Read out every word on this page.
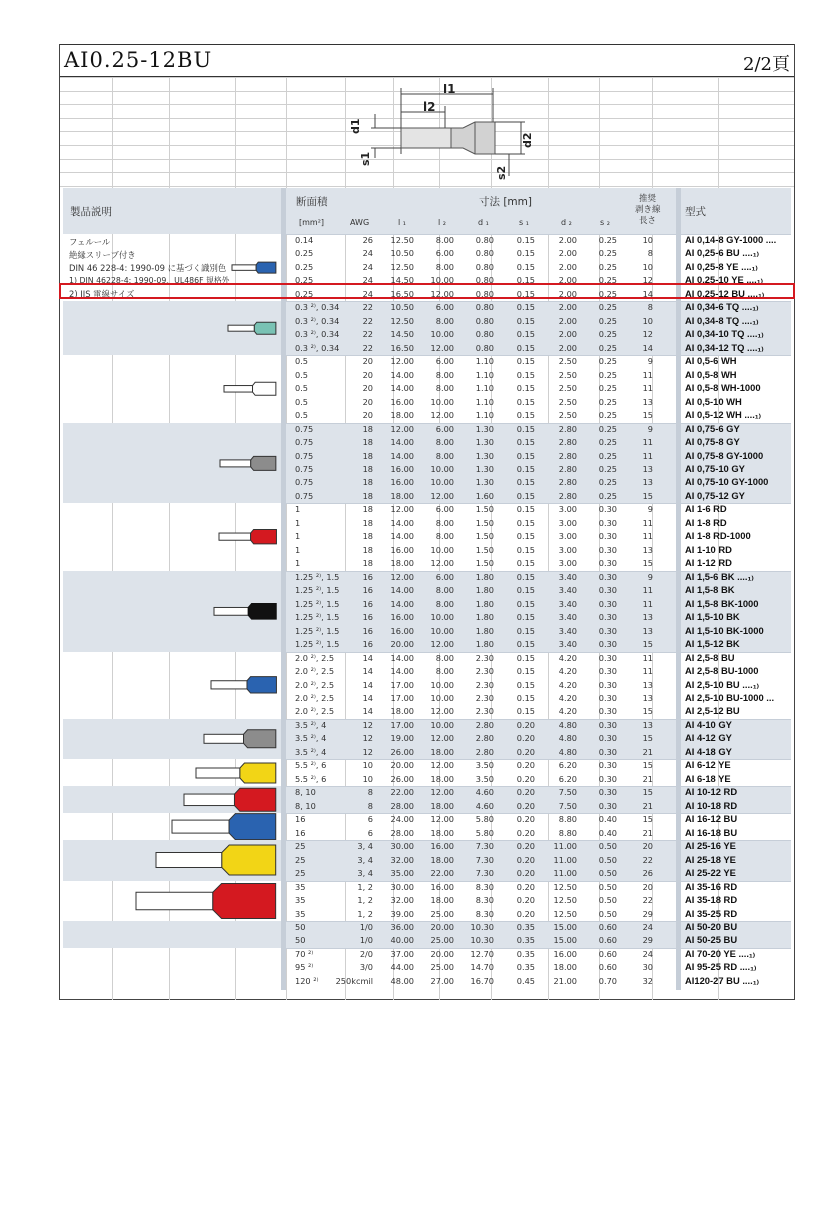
AI0.25-12BU	2/2頁
l1
l2
d1
s1
d2
s2
製品説明
断面積
[mm²]	AWG
寸法 [mm]
l ₁	l ₂	d ₁	s ₁	d ₂	s ₂
推奨
剥き線
長さ
型式
0.14	26 12.50	8.00	0.80	0.15	2.00	0.25	10	AI 0,14-8 GY-1000 ....
0.25	24 10.50	6.00	0.80	0.15	2.00	0.25	8	AI 0,25-6 BU ....₁₎
0.25	24 12.50	8.00	0.80	0.15	2.00	0.25	10	AI 0,25-8 YE ....₁₎
0.25	24 14.50 10.00	0.80	0.15	2.00	0.25	12	AI 0,25-10 YE ....₁₎
0.25	24 16.50 12.00	0.80	0.15	2.00	0.25	14	AI 0,25-12 BU ....₁₎
0.3 ²⁾, 0.34	22 10.50	6.00	0.80	0.15	2.00	0.25	8	AI 0,34-6 TQ ....₁₎
0.3 ²⁾, 0.34	22 12.50	8.00	0.80	0.15	2.00	0.25	10	AI 0,34-8 TQ ....₁₎
0.3 ²⁾, 0.34	22 14.50 10.00	0.80	0.15	2.00	0.25	12	AI 0,34-10 TQ ....₁₎
0.3 ²⁾, 0.34	22 16.50 12.00	0.80	0.15	2.00	0.25	14	AI 0,34-12 TQ ....₁₎
0.5	20 12.00	6.00	1.10	0.15	2.50	0.25	9	AI 0,5-6 WH
0.5	20 14.00	8.00	1.10	0.15	2.50	0.25	11	AI 0,5-8 WH
0.5	20 14.00	8.00	1.10	0.15	2.50	0.25	11	AI 0,5-8 WH-1000
0.5	20 16.00 10.00	1.10	0.15	2.50	0.25	13	AI 0,5-10 WH
0.5	20 18.00 12.00	1.10	0.15	2.50	0.25	15	AI 0,5-12 WH ....₁₎
0.75	18 12.00	6.00	1.30	0.15	2.80	0.25	9	AI 0,75-6 GY
0.75	18 14.00	8.00	1.30	0.15	2.80	0.25	11	AI 0,75-8 GY
0.75	18 14.00	8.00	1.30	0.15	2.80	0.25	11	AI 0,75-8 GY-1000
0.75	18 16.00 10.00	1.30	0.15	2.80	0.25	13	AI 0,75-10 GY
0.75	18 16.00 10.00	1.30	0.15	2.80	0.25	13	AI 0,75-10 GY-1000
0.75	18 18.00 12.00	1.60	0.15	2.80	0.25	15	AI 0,75-12 GY
1	18 12.00	6.00	1.50	0.15	3.00	0.30	9	AI 1-6 RD
1	18 14.00	8.00	1.50	0.15	3.00	0.30	11	AI 1-8 RD
1	18 14.00	8.00	1.50	0.15	3.00	0.30	11	AI 1-8 RD-1000
1	18 16.00 10.00	1.50	0.15	3.00	0.30	13	AI 1-10 RD
1	18 18.00 12.00	1.50	0.15	3.00	0.30	15	AI 1-12 RD
1.25 ²⁾, 1.5	16 12.00	6.00	1.80	0.15	3.40	0.30	9	AI 1,5-6 BK ....₁₎
1.25 ²⁾, 1.5	16 14.00	8.00	1.80	0.15	3.40	0.30	11	AI 1,5-8 BK
1.25 ²⁾, 1.5	16 14.00	8.00	1.80	0.15	3.40	0.30	11	AI 1,5-8 BK-1000
1.25 ²⁾, 1.5	16 16.00 10.00	1.80	0.15	3.40	0.30	13	AI 1,5-10 BK
1.25 ²⁾, 1.5	16 16.00 10.00	1.80	0.15	3.40	0.30	13	AI 1,5-10 BK-1000
1.25 ²⁾, 1.5	16 20.00 12.00	1.80	0.15	3.40	0.30	15	AI 1,5-12 BK
2.0 ²⁾, 2.5	14 14.00	8.00	2.30	0.15	4.20	0.30	11	AI 2,5-8 BU
2.0 ²⁾, 2.5	14 14.00	8.00	2.30	0.15	4.20	0.30	11	AI 2,5-8 BU-1000
2.0 ²⁾, 2.5	14 17.00 10.00	2.30	0.15	4.20	0.30	13	AI 2,5-10 BU ....₁₎
2.0 ²⁾, 2.5	14 17.00 10.00	2.30	0.15	4.20	0.30	13	AI 2,5-10 BU-1000 ...
2.0 ²⁾, 2.5	14 18.00 12.00	2.30	0.15	4.20	0.30	15	AI 2,5-12 BU
3.5 ²⁾, 4	12 17.00 10.00	2.80	0.20	4.80	0.30	13	AI 4-10 GY
3.5 ²⁾, 4	12 19.00 12.00	2.80	0.20	4.80	0.30	15	AI 4-12 GY
3.5 ²⁾, 4	12 26.00 18.00	2.80	0.20	4.80	0.30	21	AI 4-18 GY
5.5 ²⁾, 6	10 20.00 12.00	3.50	0.20	6.20	0.30	15	AI 6-12 YE
5.5 ²⁾, 6	10 26.00 18.00	3.50	0.20	6.20	0.30	21	AI 6-18 YE
8, 10	8 22.00 12.00	4.60	0.20	7.50	0.30	15	AI 10-12 RD
8, 10	8 28.00 18.00	4.60	0.20	7.50	0.30	21	AI 10-18 RD
16	6 24.00 12.00	5.80	0.20	8.80	0.40	15	AI 16-12 BU
16	6 28.00 18.00	5.80	0.20	8.80	0.40	21	AI 16-18 BU
25	3, 4 30.00 16.00	7.30	0.20 11.00	0.50	20	AI 25-16 YE
25	3, 4 32.00 18.00	7.30	0.20 11.00	0.50	22	AI 25-18 YE
25	3, 4 35.00 22.00	7.30	0.20 11.00	0.50	26	AI 25-22 YE
35	1, 2 30.00 16.00	8.30	0.20 12.50	0.50	20	AI 35-16 RD
35	1, 2 32.00 18.00	8.30	0.20 12.50	0.50	22	AI 35-18 RD
35	1, 2 39.00 25.00	8.30	0.20 12.50	0.50	29	AI 35-25 RD
50	1/0 36.00 20.00 10.30	0.35 15.00	0.60	24	AI 50-20 BU
50	1/0 40.00 25.00 10.30	0.35 15.00	0.60	29	AI 50-25 BU
70 ²⁾	2/0 37.00 20.00 12.70	0.35 16.00	0.60	24	AI 70-20 YE ....₁₎
95 ²⁾	3/0 44.00 25.00 14.70	0.35 18.00	0.60	30	AI 95-25 RD ....₁₎
120 ²⁾ 250kcmil 48.00 27.00 16.70	0.45 21.00	0.70	32	AI120-27 BU ....₁₎
フェルール
絶縁スリーブ付き
DIN 46 228-4: 1990-09 に基づく識別色
1) DIN 46228-4: 1990-09、UL486F 規格外
2) JIS 電線サイズ
